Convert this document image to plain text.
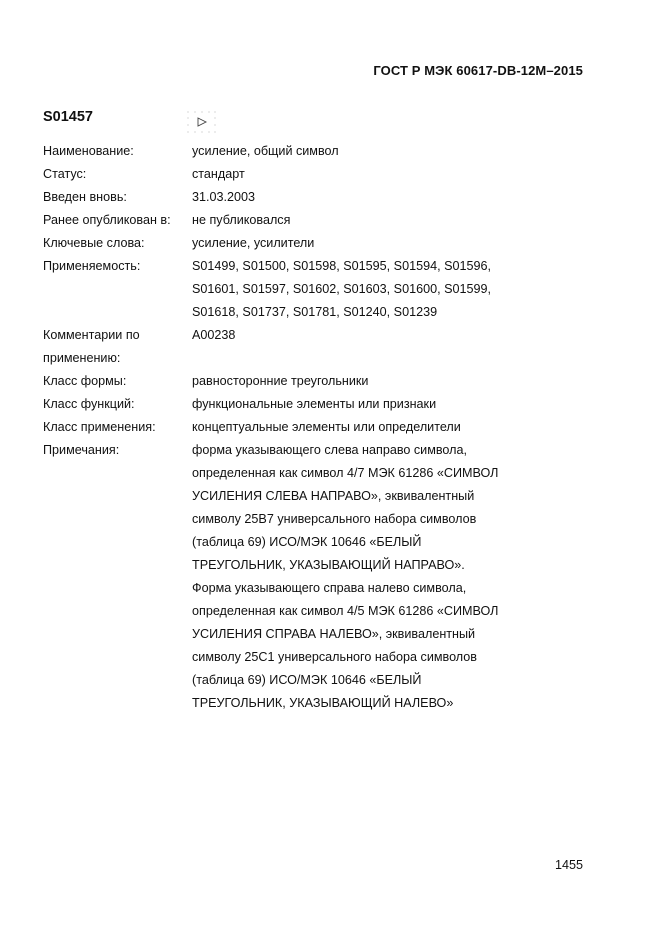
ГОСТ Р МЭК 60617-DB-12M–2015
S01457
Наименование:	усиление, общий символ
Статус:	стандарт
Введен вновь:	31.03.2003
Ранее опубликован в:	не публиковался
Ключевые слова:	усиление, усилители
Применяемость:	S01499, S01500, S01598, S01595, S01594, S01596,
S01601, S01597, S01602, S01603, S01600, S01599,
S01618, S01737, S01781, S01240, S01239
Комментарии по
применению:
A00238
Класс формы:	равносторонние треугольники
Класс функций:	функциональные элементы или признаки
Класс применения:	концептуальные элементы или определители
Примечания:	форма указывающего слева направо символа,
определенная как символ 4/7 МЭК 61286 «СИМВОЛ
УСИЛЕНИЯ СЛЕВА НАПРАВО», эквивалентный
символу 25B7 универсального набора символов
(таблица 69) ИСО/МЭК 10646 «БЕЛЫЙ
ТРЕУГОЛЬНИК, УКАЗЫВАЮЩИЙ НАПРАВО».
Форма указывающего справа налево символа,
определенная как символ 4/5 МЭК 61286 «СИМВОЛ
УСИЛЕНИЯ СПРАВА НАЛЕВО», эквивалентный
символу 25C1 универсального набора символов
(таблица 69) ИСО/МЭК 10646 «БЕЛЫЙ
ТРЕУГОЛЬНИК, УКАЗЫВАЮЩИЙ НАЛЕВО»
1455
